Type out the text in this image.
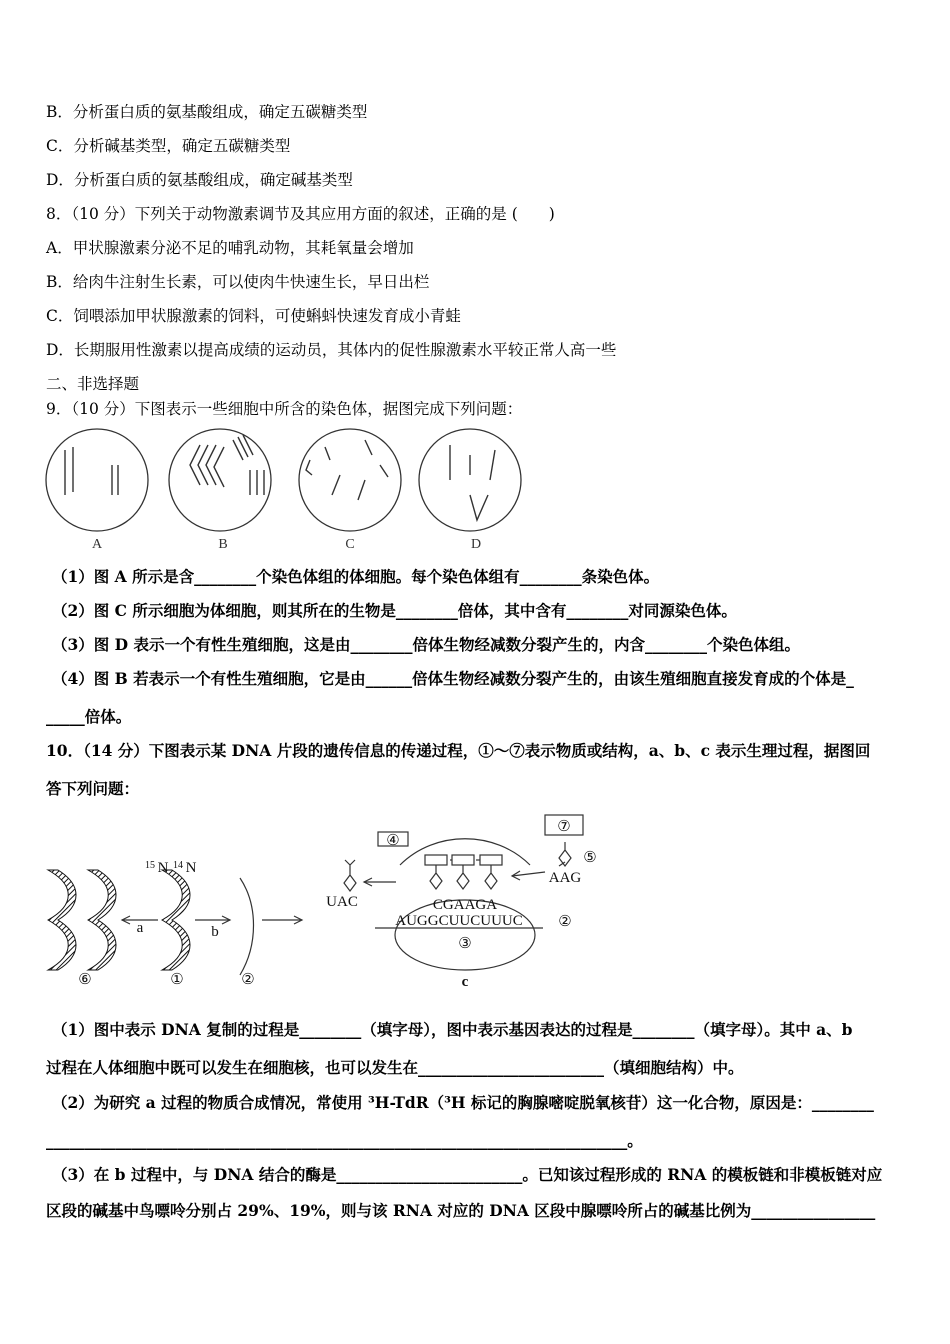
B．分析蛋白质的氨基酸组成，确定五碳糖类型
C．分析碱基类型，确定五碳糖类型
D．分析蛋白质的氨基酸组成，确定碱基类型
8．（10 分）下列关于动物激素调节及其应用方面的叙述，正确的是 (　　)
A．甲状腺激素分泌不足的哺乳动物，其耗氧量会增加
B．给肉牛注射生长素，可以使肉牛快速生长，早日出栏
C．饲喂添加甲状腺激素的饲料，可使蝌蚪快速发育成小青蛙
D．长期服用性激素以提高成绩的运动员，其体内的促性腺激素水平较正常人高一些
二、非选择题
9．（10 分）下图表示一些细胞中所含的染色体，据图完成下列问题：
A	B	C	D
（1）图 A 所示是含________个染色体组的体细胞。每个染色体组有________条染色体。
（2）图 C 所示细胞为体细胞，则其所在的生物是________倍体，其中含有________对同源染色体。
（3）图 D 表示一个有性生殖细胞，这是由________倍体生物经减数分裂产生的，内含________个染色体组。
（4）图 B 若表示一个有性生殖细胞，它是由______倍体生物经减数分裂产生的，由该生殖细胞直接发育成的个体是_
_____倍体。
10．（14 分）下图表示某 DNA 片段的遗传信息的传递过程，①～⑦表示物质或结构，a、b、c 表示生理过程，据图回
答下列问题：
15 N 14 N
a	b
⑥	①	②
UAC
AAG
④
⑦
⑤
CGAAGA
AUGGCUUCUUUC ②
③
c
（1）图中表示 DNA 复制的过程是________（填字母），图中表示基因表达的过程是________（填字母）。其中 a、b
过程在人体细胞中既可以发生在细胞核，也可以发生在________________________（填细胞结构）中。
（2）为研究 a 过程的物质合成情况，常使用 ³H-TdR（³H 标记的胸腺嘧啶脱氧核苷）这一化合物，原因是：________
___________________________________________________________________________。
（3）在 b 过程中，与 DNA 结合的酶是________________________。已知该过程形成的 RNA 的模板链和非模板链对应
区段的碱基中鸟嘌呤分别占 29%、19%，则与该 RNA 对应的 DNA 区段中腺嘌呤所占的碱基比例为________________
